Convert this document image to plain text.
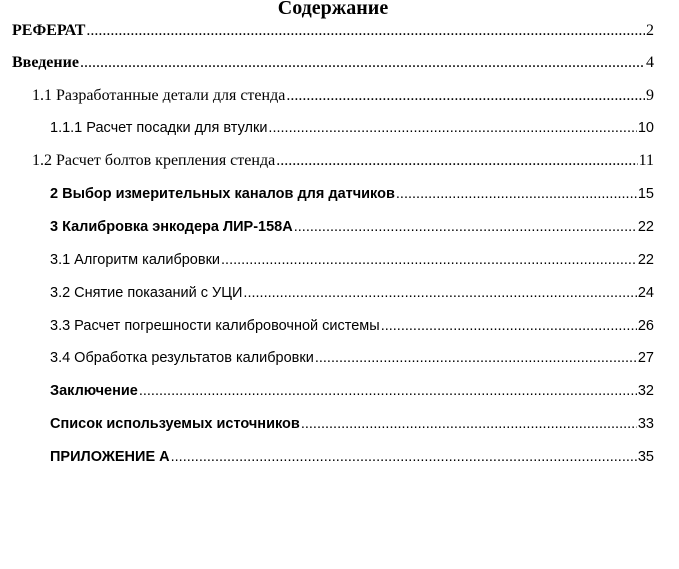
Содержание
РЕФЕРАТ .....	2
Введение .....	4
1.1 Разработанные детали для стенда .....	9
1.1.1 Расчет посадки для втулки .....	10
1.2 Расчет болтов крепления стенда .....	11
2 Выбор измерительных каналов для датчиков .....	15
3 Калибровка энкодера ЛИР-158А .....	22
3.1 Алгоритм калибровки .....	22
3.2 Снятие показаний с УЦИ .....	24
3.3 Расчет погрешности калибровочной системы .....	26
3.4 Обработка результатов калибровки .....	27
Заключение .....	32
Список используемых источников .....	33
ПРИЛОЖЕНИЕ А .....	35
